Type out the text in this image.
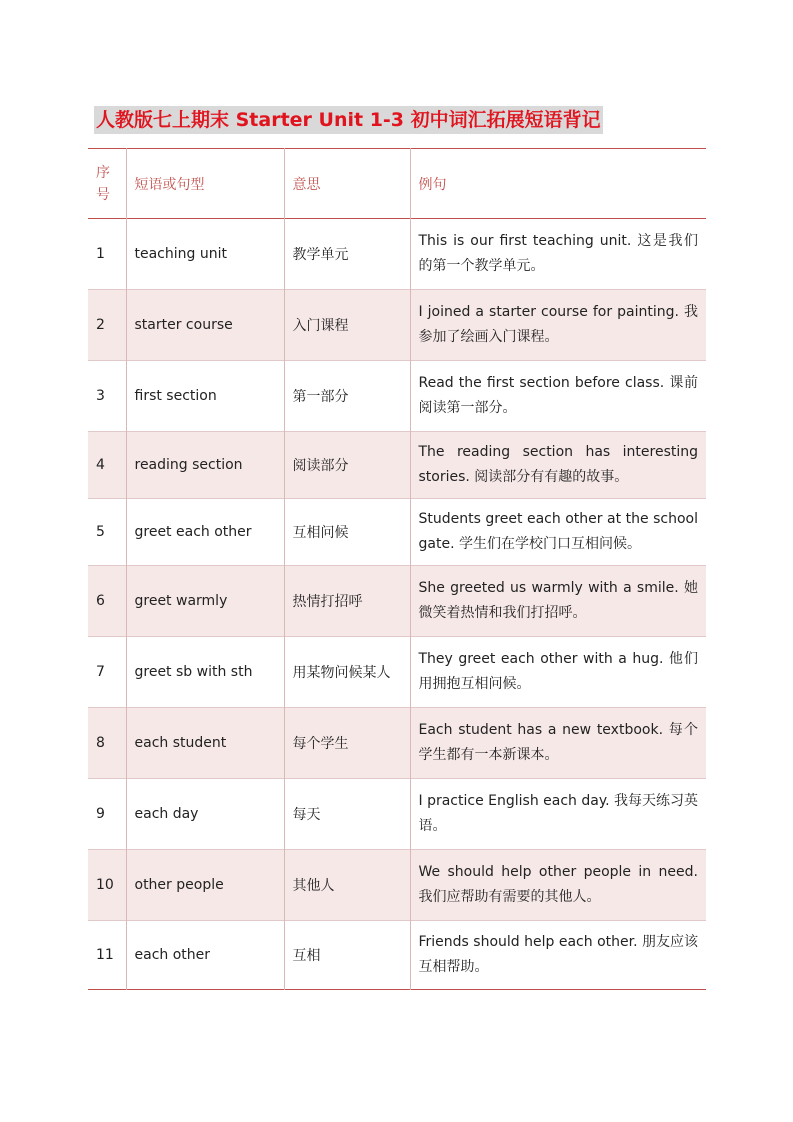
人教版七上期末 Starter Unit 1-3 初中词汇拓展短语背记
序号	短语或句型	意思	例句
1	teaching unit	教学单元	This is our first teaching unit. 这是我们的第一个教学单元。
2	starter course	入门课程	I joined a starter course for painting. 我参加了绘画入门课程。
3	first section	第一部分	Read the first section before class. 课前阅读第一部分。
4	reading section	阅读部分	The reading section has interesting stories. 阅读部分有有趣的故事。
5	greet each other	互相问候	Students greet each other at the school gate. 学生们在学校门口互相问候。
6	greet warmly	热情打招呼	She greeted us warmly with a smile. 她微笑着热情和我们打招呼。
7	greet sb with sth	用某物问候某人	They greet each other with a hug. 他们用拥抱互相问候。
8	each student	每个学生	Each student has a new textbook. 每个学生都有一本新课本。
9	each day	每天	I practice English each day. 我每天练习英语。
10	other people	其他人	We should help other people in need. 我们应帮助有需要的其他人。
11	each other	互相	Friends should help each other. 朋友应该互相帮助。
